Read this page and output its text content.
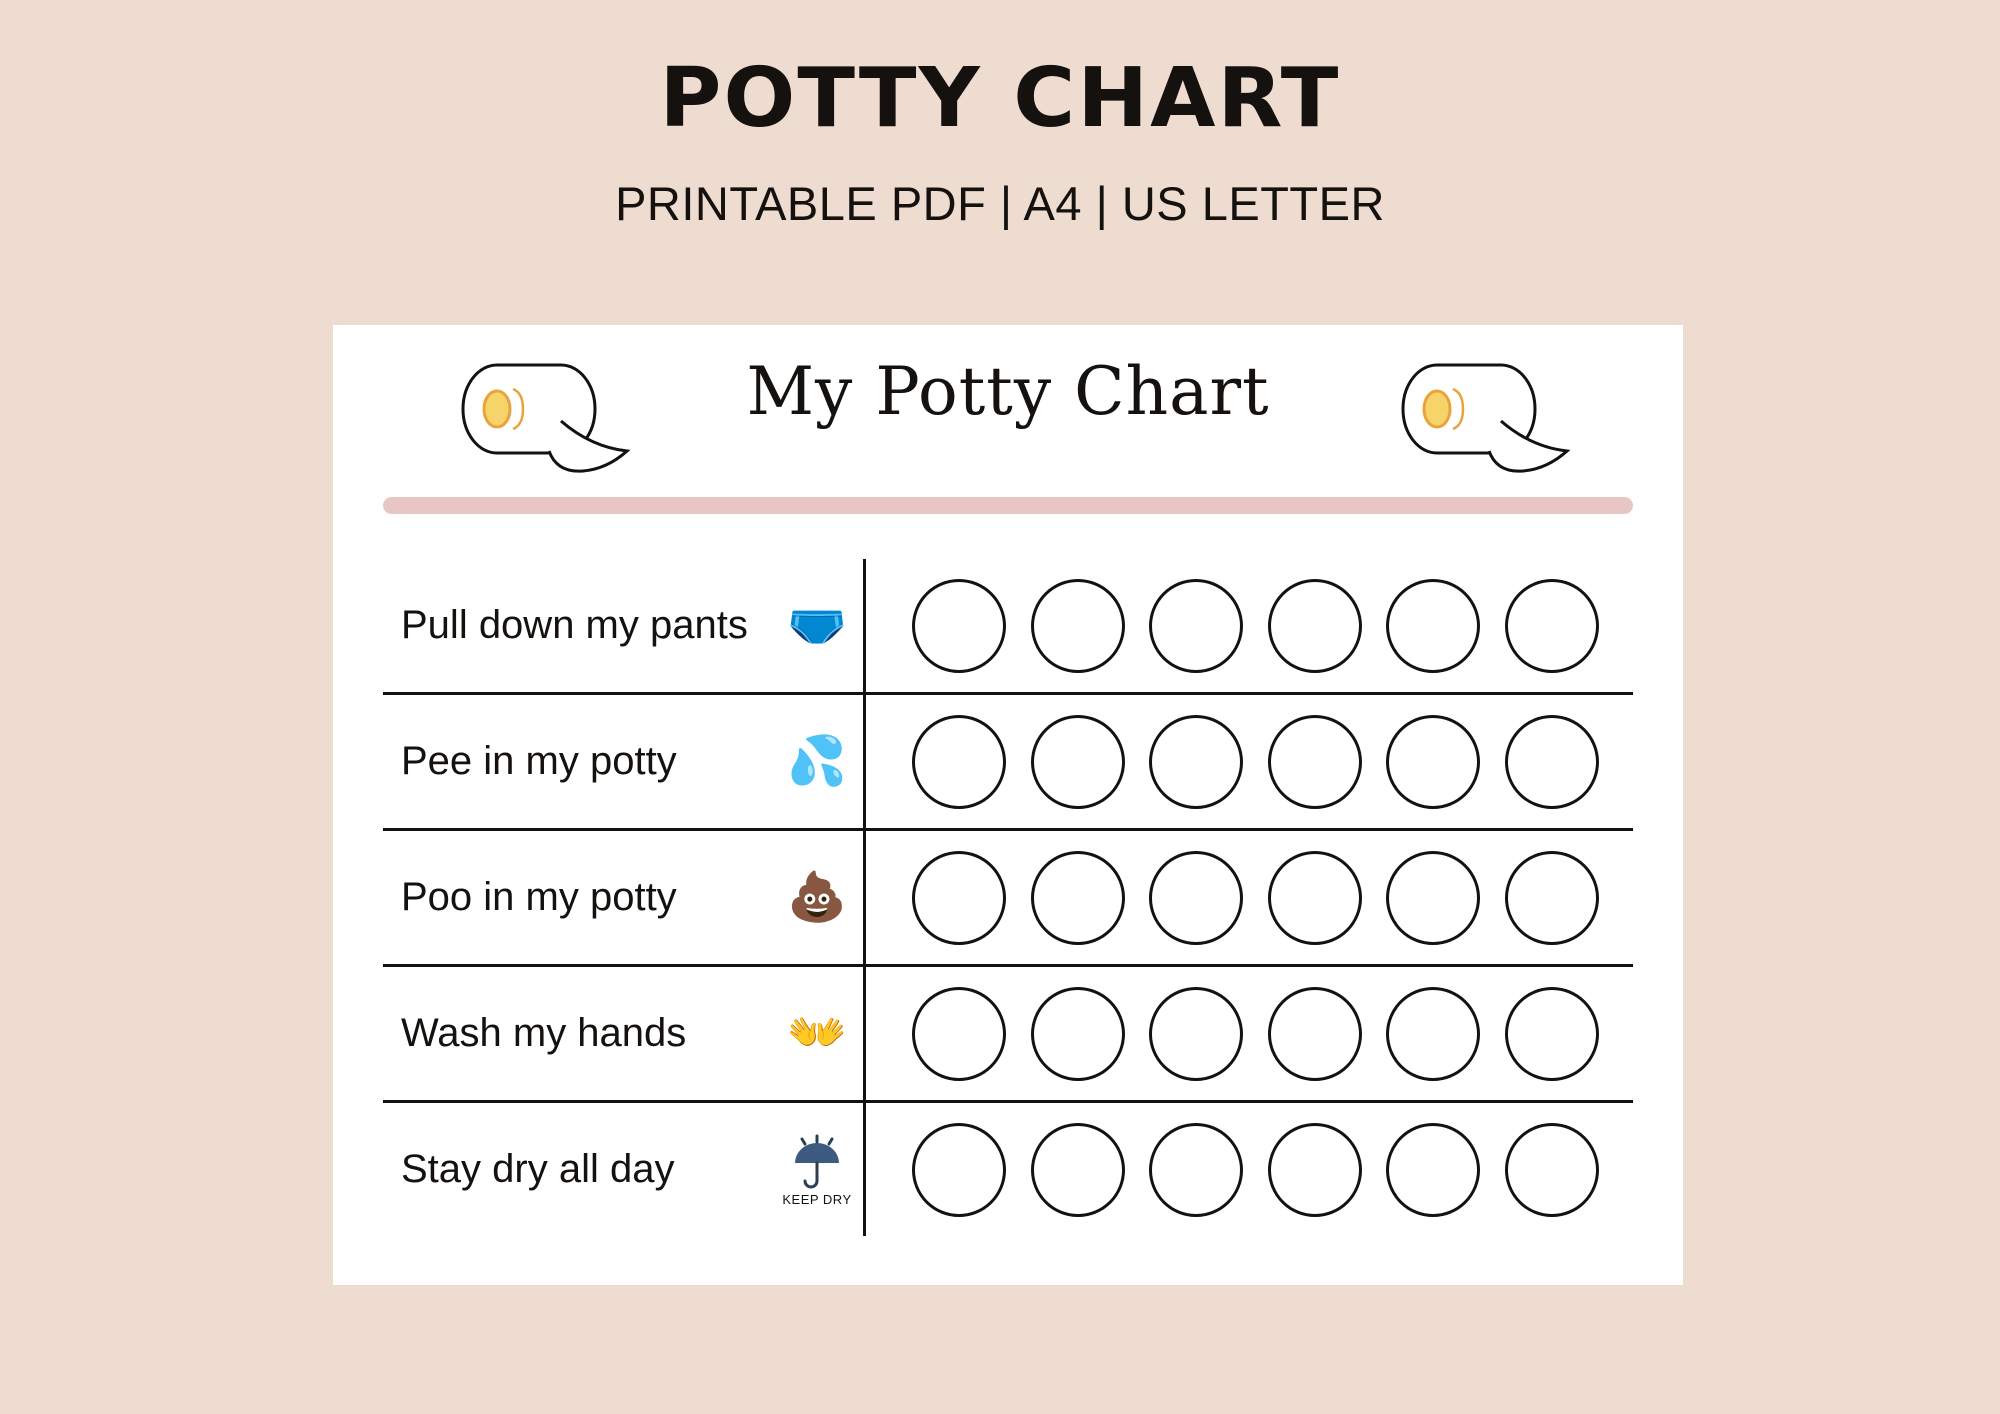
POTTY CHART
PRINTABLE PDF | A4 | US LETTER
My Potty Chart
Pull down my pants 🩲
Pee in my potty	💦
Poo in my potty	💩
Wash my hands	👐
Stay dry all day
KEEP DRY
